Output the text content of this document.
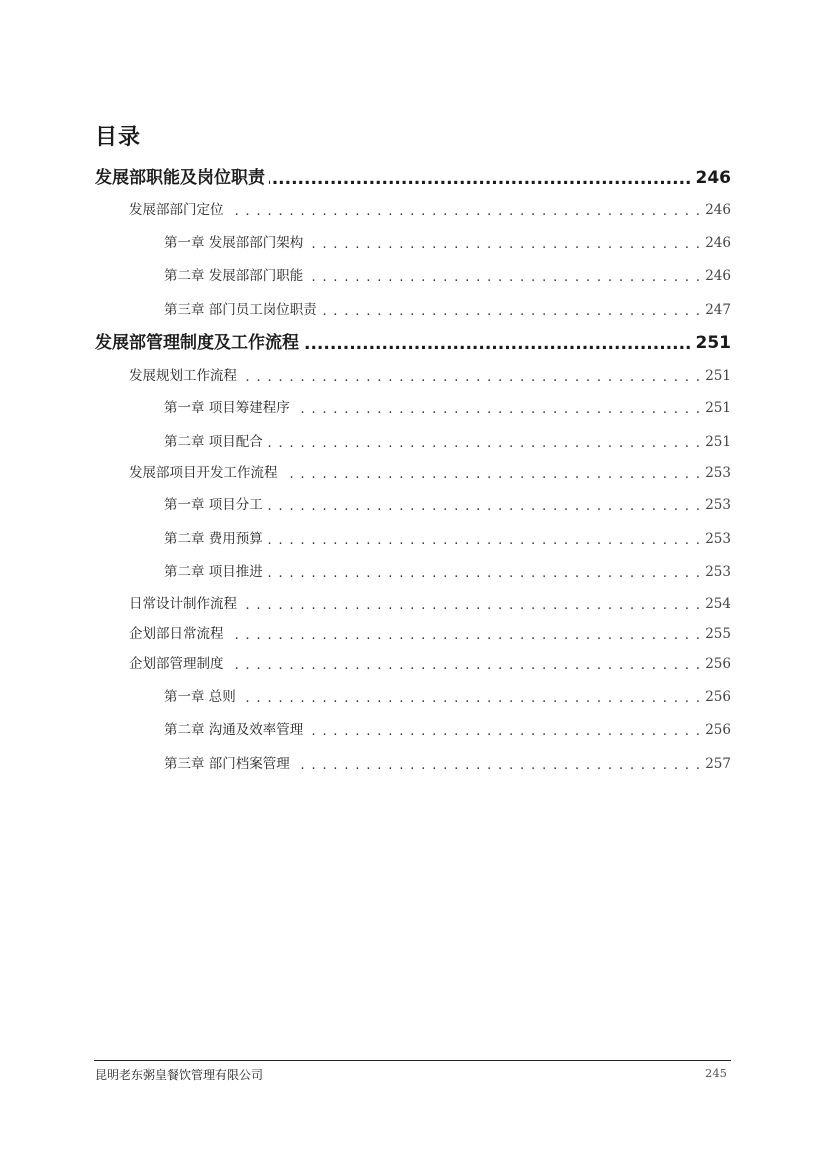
目录
发展部职能及岗位职责 .....	246
发展部部门定位 . . .	246
第一章 发展部部门架构 . . .	246
第二章 发展部部门职能 . . .	246
第三章 部门员工岗位职责 . . .	247
发展部管理制度及工作流程 .....	251
发展规划工作流程 . . .	251
第一章 项目筹建程序 . . .	251
第二章 项目配合 . . .	251
发展部项目开发工作流程 . . .	253
第一章 项目分工 . . .	253
第二章 费用预算 . . .	253
第二章 项目推进 . . .	253
日常设计制作流程 . . .	254
企划部日常流程 . . .	255
企划部管理制度 . . .	256
第一章 总则 . . .	256
第二章 沟通及效率管理 . . .	256
第三章 部门档案管理 . . .	257
昆明老东粥皇餐饮管理有限公司	245
